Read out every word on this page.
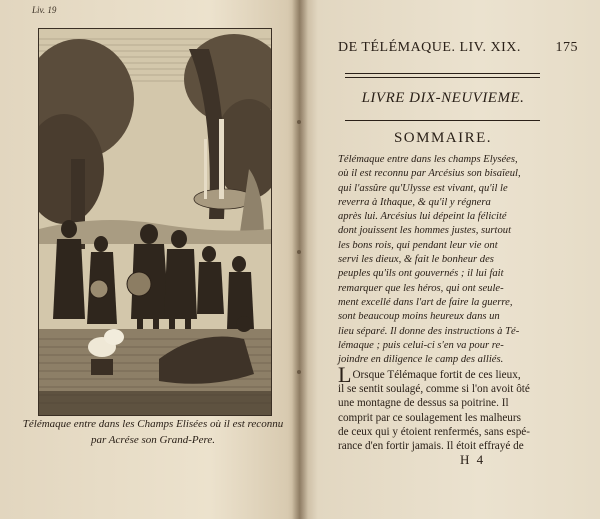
Liv. 19
Télémaque entre dans les Champs Elisées où il est reconnu
par Acrése son Grand-Pere.
DE TÉLÉMAQUE. LIV. XIX. 175
LIVRE DIX-NEUVIEME.
SOMMAIRE.
Télémaque entre dans les champs Elysées,
où il est reconnu par Arcésius son bisaïeul,
qui l'assûre qu'Ulysse est vivant, qu'il le
reverra à Ithaque, & qu'il y régnera
après lui. Arcésius lui dépeint la félicité
dont jouissent les hommes justes, surtout
les bons rois, qui pendant leur vie ont
servi les dieux, & fait le bonheur des
peuples qu'ils ont gouvernés ; il lui fait
remarquer que les héros, qui ont seule-
ment excellé dans l'art de faire la guerre,
sont beaucoup moins heureux dans un
lieu séparé. Il donne des instructions à Té-
lémaque ; puis celui-ci s'en va pour re-
joindre en diligence le camp des alliés.
LOrsque Télémaque fortit de ces lieux,
il se sentit soulagé, comme si l'on avoit ôté
une montagne de dessus sa poitrine. Il
comprit par ce soulagement les malheurs
de ceux qui y étoient renfermés, sans espé-
rance d'en fortir jamais. Il étoit effrayé de
H 4
